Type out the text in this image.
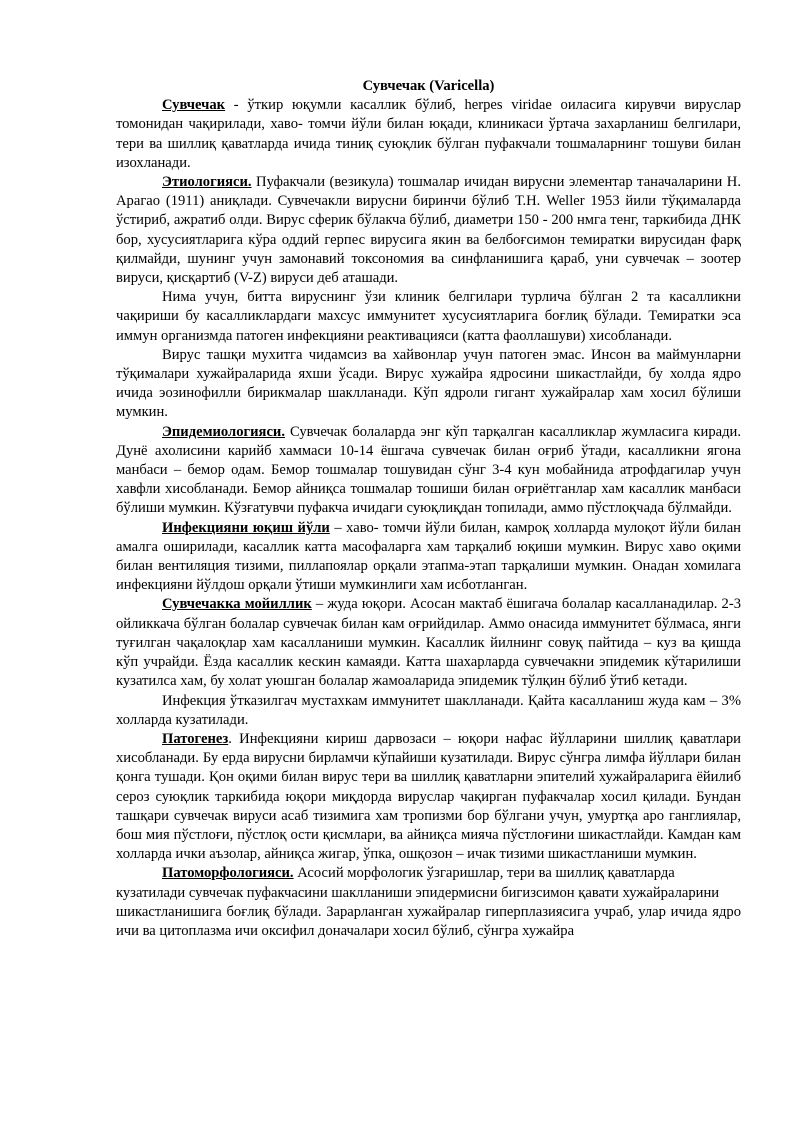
Сувчечак (Varicella)

Сувчечак - ўткир юқумли касаллик бўлиб, herpes viridae оиласига кирувчи вируслар томонидан чақирилади, хаво- томчи йўли билан юқади, клиникаси ўртача захарланиш белгилари, тери ва шиллиқ қаватларда ичида тиниқ суюқлик бўлган пуфакчали тошмаларнинг тошуви билан изохланади.

Этиологияси. Пуфакчали (везикула) тошмалар ичидан вирусни элементар таначаларини Н. Арагао (1911) аниқлади. Сувчечакли вирусни биринчи бўлиб Т.Н. Weller 1953 йили тўқималарда ўстириб, ажратиб олди. Вирус сферик бўлакча бўлиб, диаметри 150 - 200 нмга тенг, таркибида ДНК бор, хусусиятларига кўра оддий герпес вирусига якин ва белбоғсимон темиратки вирусидан фарқ қилмайди, шунинг учун замонавий токсономия ва синфланишига қараб, уни сувчечак – зоотер вируси, қисқартиб (V-Z) вируси деб аташади.

Нима учун, битта вируснинг ўзи клиник белгилари турлича бўлган 2 та касалликни чақириши бу касалликлардаги махсус иммунитет хусусиятларига боғлиқ бўлади. Темиратки эса иммун организмда патоген инфекцияни реактивацияси (катта фаоллашуви) хисобланади.

Вирус ташқи мухитга чидамсиз ва хайвонлар учун патоген эмас. Инсон ва маймунларни тўқималари хужайраларида яхши ўсади. Вирус хужайра ядросини шикастлайди, бу холда ядро ичида эозинофилли бирикмалар шаклланади. Кўп ядроли гигант хужайралар хам хосил бўлиши мумкин.

Эпидемиологияси. Сувчечак болаларда энг кўп тарқалган касалликлар жумласига киради. Дунё ахолисини карийб хаммаси 10-14 ёшгача сувчечак билан оғриб ўтади, касалликни ягона манбаси – бемор одам. Бемор тошмалар тошувидан сўнг 3-4 кун мобайнида атрофдагилар учун хавфли хисобланади. Бемор айниқса тошмалар тошиши билан оғриётганлар хам касаллик манбаси бўлиши мумкин. Кўзғатувчи пуфакча ичидаги суюқлиқдан топилади, аммо пўстлоқчада бўлмайди.

Инфекцияни юқиш йўли – хаво- томчи йўли билан, камроқ холларда мулоқот йўли билан амалга оширилади, касаллик катта масофаларга хам тарқалиб юқиши мумкин. Вирус хаво оқими билан вентиляция тизими, пиллапоялар орқали этапма-этап тарқалиши мумкин. Онадан хомилага инфекцияни йўлдош орқали ўтиши мумкинлиги хам исботланган.

Сувчечакка мойиллик – жуда юқори. Асосан мактаб ёшигача болалар касалланадилар. 2-3 ойликкача бўлган болалар сувчечак билан кам оғрийдилар. Аммо онасида иммунитет бўлмаса, янги туғилган чақалоқлар хам касалланиши мумкин. Касаллик йилнинг совуқ пайтида – куз ва қишда кўп учрайди. Ёзда касаллик кескин камаяди. Катта шахарларда сувчечакни эпидемик кўтарилиши кузатилса хам, бу холат уюшган болалар жамоаларида эпидемик тўлқин бўлиб ўтиб кетади.

Инфекция ўтказилгач мустахкам иммунитет шаклланади. Қайта касалланиш жуда кам – 3% холларда кузатилади.

Патогенез. Инфекцияни кириш дарвозаси – юқори нафас йўлларини шиллиқ қаватлари хисобланади. Бу ерда вирусни бирламчи кўпайиши кузатилади. Вирус сўнгра лимфа йўллари билан қонга тушади. Қон оқими билан вирус тери ва шиллиқ қаватларни эпителий хужайраларига ёйилиб сероз суюқлик таркибида юқори миқдорда вируслар чақирган пуфакчалар хосил қилади. Бундан ташқари сувчечак вируси асаб тизимига хам тропизми бор бўлгани учун, умуртқа аро ганглиялар, бош мия пўстлоғи, пўстлоқ ости қисмлари, ва айниқса мияча пўстлоғини шикастлайди. Камдан кам холларда ички аъзолар, айниқса жигар, ўпка, ошқозон – ичак тизими шикастланиши мумкин.

Патоморфологияси. Асосий морфологик ўзгаришлар, тери ва шиллиқ қаватларда кузатилади сувчечак пуфакчасини шаклланиши эпидермисни бигизсимон қавати хужайраларини

шикастланишига боғлиқ бўлади. Зарарланган хужайралар гиперплазиясига учраб, улар ичида ядро ичи ва цитоплазма ичи оксифил доначалари хосил бўлиб, сўнгра хужайра
